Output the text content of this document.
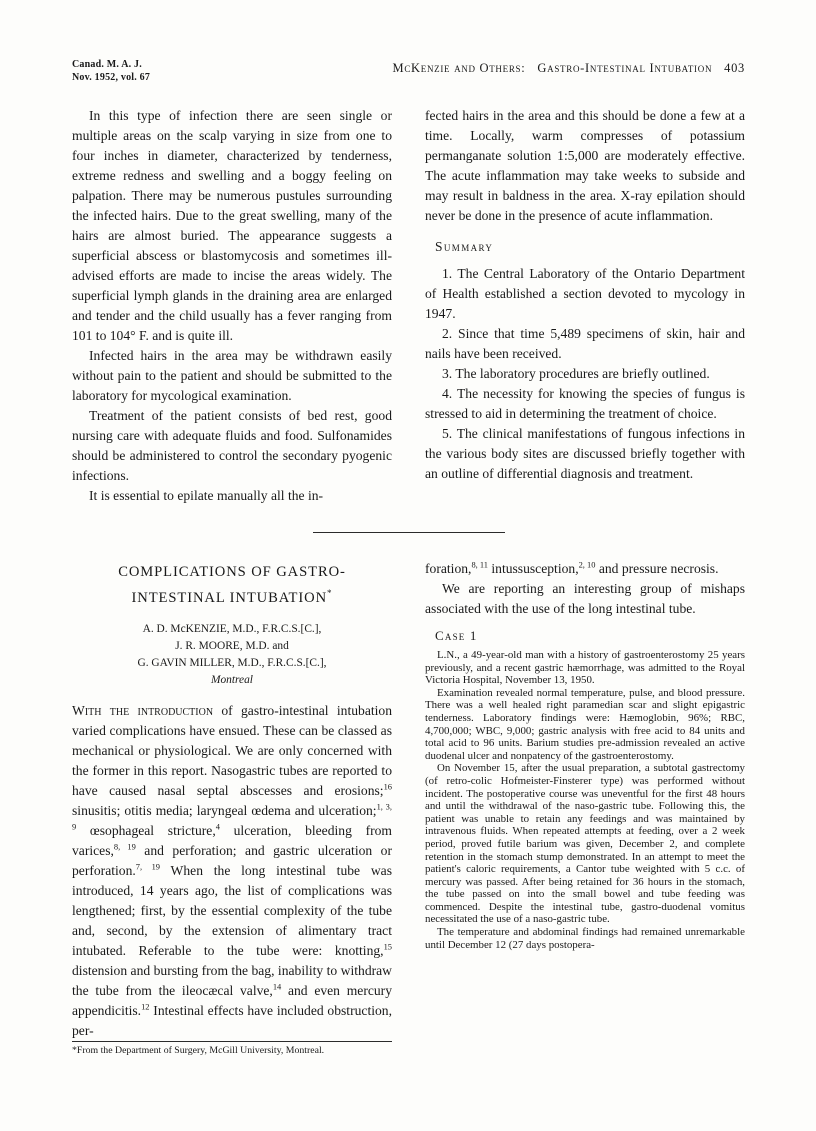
Canad. M. A. J.
Nov. 1952, vol. 67
McKenzie and Others: Gastro-Intestinal Intubation 403

In this type of infection there are seen single or multiple areas on the scalp varying in size from one to four inches in diameter, characterized by tenderness, extreme redness and swelling and a boggy feeling on palpation. There may be numerous pustules surrounding the infected hairs. Due to the great swelling, many of the hairs are almost buried. The appearance suggests a superficial abscess or blastomycosis and sometimes ill-advised efforts are made to incise the areas widely. The superficial lymph glands in the draining area are enlarged and tender and the child usually has a fever ranging from 101 to 104° F. and is quite ill.

Infected hairs in the area may be withdrawn easily without pain to the patient and should be submitted to the laboratory for mycological examination.

Treatment of the patient consists of bed rest, good nursing care with adequate fluids and food. Sulfonamides should be administered to control the secondary pyogenic infections.

It is essential to epilate manually all the in-

fected hairs in the area and this should be done a few at a time. Locally, warm compresses of potassium permanganate solution 1:5,000 are moderately effective. The acute inflammation may take weeks to subside and may result in baldness in the area. X-ray epilation should never be done in the presence of acute inflammation.

Summary

1. The Central Laboratory of the Ontario Department of Health established a section devoted to mycology in 1947.

2. Since that time 5,489 specimens of skin, hair and nails have been received.

3. The laboratory procedures are briefly outlined.

4. The necessity for knowing the species of fungus is stressed to aid in determining the treatment of choice.

5. The clinical manifestations of fungous infections in the various body sites are discussed briefly together with an outline of differential diagnosis and treatment.

COMPLICATIONS OF GASTRO-
INTESTINAL INTUBATION*
A. D. McKENZIE, M.D., F.R.C.S.[C.],
J. R. MOORE, M.D. and
G. GAVIN MILLER, M.D., F.R.C.S.[C.],
Montreal

With the introduction of gastro-intestinal intubation varied complications have ensued. These can be classed as mechanical or physiological. We are only concerned with the former in this report. Nasogastric tubes are reported to have caused nasal septal abscesses and erosions;$^{16}$ sinusitis; otitis media; laryngeal œdema and ulceration;$^{1, 3, 9}$ œsophageal stricture,$^4$ ulceration, bleeding from varices,$^{8, 19}$ and perforation; and gastric ulceration or perforation.$^{7, 19}$ When the long intestinal tube was introduced, 14 years ago, the list of complications was lengthened; first, by the essential complexity of the tube and, second, by the extension of alimentary tract intubated. Referable to the tube were: knotting,$^{15}$ distension and bursting from the bag, inability to withdraw the tube from the ileocæcal valve,$^{14}$ and even mercury appendicitis.$^{12}$ Intestinal effects have included obstruction, per-

*From the Department of Surgery, McGill University, Montreal.

foration,$^{8, 11}$ intussusception,$^{2, 10}$ and pressure necrosis.

We are reporting an interesting group of mishaps associated with the use of the long intestinal tube.

Case 1

L.N., a 49-year-old man with a history of gastroenterostomy 25 years previously, and a recent gastric hæmorrhage, was admitted to the Royal Victoria Hospital, November 13, 1950.

Examination revealed normal temperature, pulse, and blood pressure. There was a well healed right paramedian scar and slight epigastric tenderness. Laboratory findings were: Hæmoglobin, 96%; RBC, 4,700,000; WBC, 9,000; gastric analysis with free acid to 84 units and total acid to 96 units. Barium studies pre-admission revealed an active duodenal ulcer and nonpatency of the gastroenterostomy.

On November 15, after the usual preparation, a subtotal gastrectomy (of retro-colic Hofmeister-Finsterer type) was performed without incident. The postoperative course was uneventful for the first 48 hours and until the withdrawal of the naso-gastric tube. Following this, the patient was unable to retain any feedings and was maintained by intravenous fluids. When repeated attempts at feeding, over a 2 week period, proved futile barium was given, December 2, and complete retention in the stomach stump demonstrated. In an attempt to meet the patient's caloric requirements, a Cantor tube weighted with 5 c.c. of mercury was passed. After being retained for 36 hours in the stomach, the tube passed on into the small bowel and tube feeding was commenced. Despite the intestinal tube, gastro-duodenal vomitus necessitated the use of a naso-gastric tube.

The temperature and abdominal findings had remained unremarkable until December 12 (27 days postopera-
